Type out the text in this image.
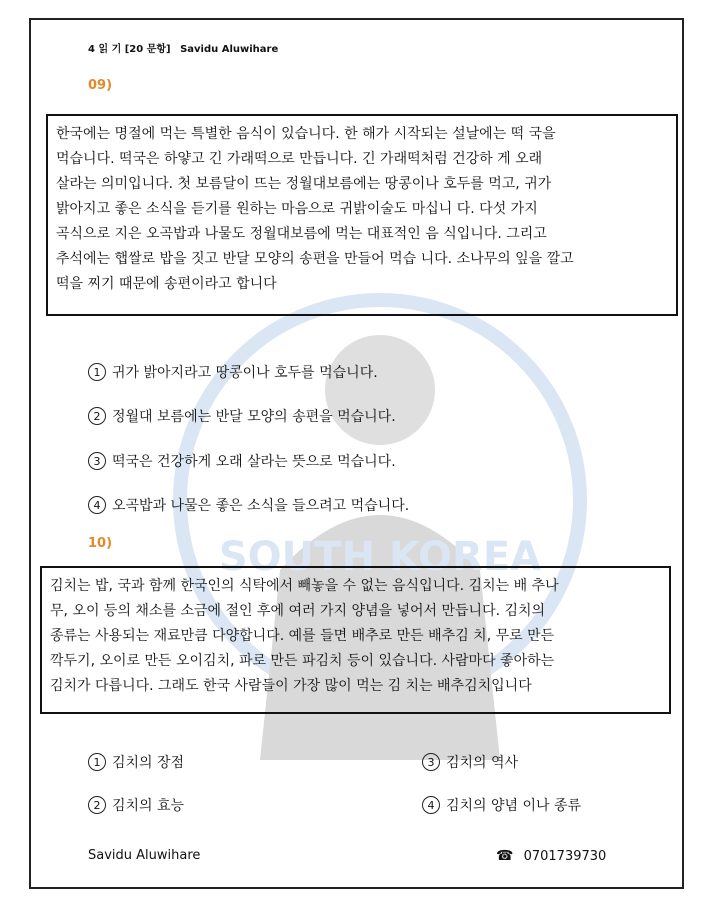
SOUTH KOREA
4 읽 기 [20 문항] Savidu Aluwihare
09)

한국에는 명절에 먹는 특별한 음식이 있습니다. 한 해가 시작되는 설날에는 떡 국을

먹습니다. 떡국은 하얗고 긴 가래떡으로 만듭니다. 긴 가래떡처럼 건강하 게 오래

살라는 의미입니다. 첫 보름달이 뜨는 정월대보름에는 땅콩이나 호두를 먹고, 귀가

밝아지고 좋은 소식을 듣기를 원하는 마음으로 귀밝이술도 마십니 다. 다섯 가지

곡식으로 지은 오곡밥과 나물도 정월대보름에 먹는 대표적인 음 식입니다. 그리고

추석에는 햅쌀로 밥을 짓고 반달 모양의 송편을 만들어 먹습 니다. 소나무의 잎을 깔고

떡을 찌기 때문에 송편이라고 합니다

1 귀가 밝아지라고 땅콩이나 호두를 먹습니다.
2 정월대 보름에는 반달 모양의 송편을 먹습니다.
3 떡국은 건강하게 오래 살라는 뜻으로 먹습니다.
4 오곡밥과 나물은 좋은 소식을 들으려고 먹습니다.
10)

김치는 밥, 국과 함께 한국인의 식탁에서 빼놓을 수 없는 음식입니다. 김치는 배 추나

무, 오이 등의 채소를 소금에 절인 후에 여러 가지 양념을 넣어서 만듭니다. 김치의

종류는 사용되는 재료만큼 다양합니다. 예를 들면 배추로 만든 배추김 치, 무로 만든

깍두기, 오이로 만든 오이김치, 파로 만든 파김치 등이 있습니다. 사람마다 좋아하는

김치가 다릅니다. 그래도 한국 사람들이 가장 많이 먹는 김 치는 배추김치입니다

1 김치의 장점	3 김치의 역사
2 김치의 효능	4 김치의 양념 이나 종류
Savidu Aluwihare	☎ 0701739730
